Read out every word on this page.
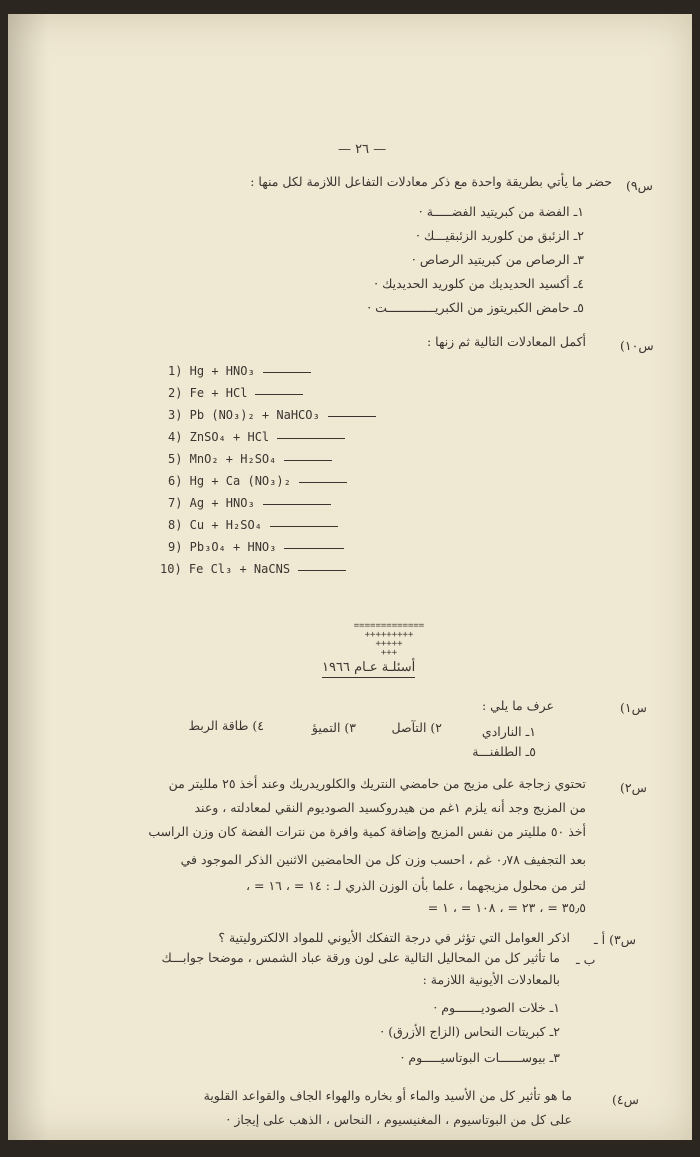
— ٢٦ —
س٩)
حضر ما يأتي بطريقة واحدة مع ذكر معادلات التفاعل اللازمة لكل منها :
١ـ الفضة من كبريتيد الفضـــــة ·
٢ـ الزئبق من كلوريد الزئبقيـــك ·
٣ـ الرصاص من كبريتيد الرصاص ·
٤ـ أكسيد الحديديك من كلوريد الحديديك ·
٥ـ حامض الكبريتوز من الكبريـــــــــــــت ·
س١٠)
أكمل المعادلات التالية ثم زنها :
1) Hg + HNO₃
2) Fe + HCl
3) Pb (NO₃)₂ + NaHCO₃
4) ZnSO₄ + HCl
5) MnO₂ + H₂SO₄
6) Hg + Ca (NO₃)₂
7) Ag + HNO₃
8) Cu + H₂SO₄
9) Pb₃O₄ + HNO₃
10) Fe Cl₃ + NaCNS
=============
+++++++++
+++++
+++
أسئلـة عـام ١٩٦٦
س١)
عرف ما يلي :
١ـ النارادي
٢) التآصل
٣) التميؤ
٤) طاقة الربط
٥ـ الطلفنـــة
س٢)
تحتوي زجاجة على مزيج من حامضي النتريك والكلوريدريك وعند أخذ ٢٥ ملليتر من
من المزيج وجد أنه يلزم ١غم من هيدروكسيد الصوديوم النقي لمعادلته ، وعند
أخذ ٥٠ ملليتر من نفس المزيج وإضافة كمية وافرة من نترات الفضة كان وزن الراسب
بعد التجفيف ٠٫٧٨ غم ، احسب وزن كل من الحامضين الاثنين الذكر الموجود في
لتر من محلول مزيجهما ، علما بأن الوزن الذري لـ : ١٤ = ، ١٦ = ،
٣٥٫٥ = ، ٢٣ = ، ١٠٨ = ، ١ =
س٣) أ ـ
اذكر العوامل التي تؤثر في درجة التفكك الأيوني للمواد الالكتروليتية ؟
ب ـ
ما تأثير كل من المحاليل التالية على لون ورقة عباد الشمس ، موضحا جوابـــك
بالمعادلات الأيونية اللازمة :
١ـ خلات الصوديـــــــوم ·
٢ـ كبريتات النحاس (الزاج الأزرق) ·
٣ـ بيوســــــات البوتاسيـــــوم ·
س٤)
ما هو تأثير كل من الأسيد والماء أو بخاره والهواء الجاف والقواعد القلوية
على كل من البوتاسيوم ، المغنيسيوم ، النحاس ، الذهب على إيجاز ·
